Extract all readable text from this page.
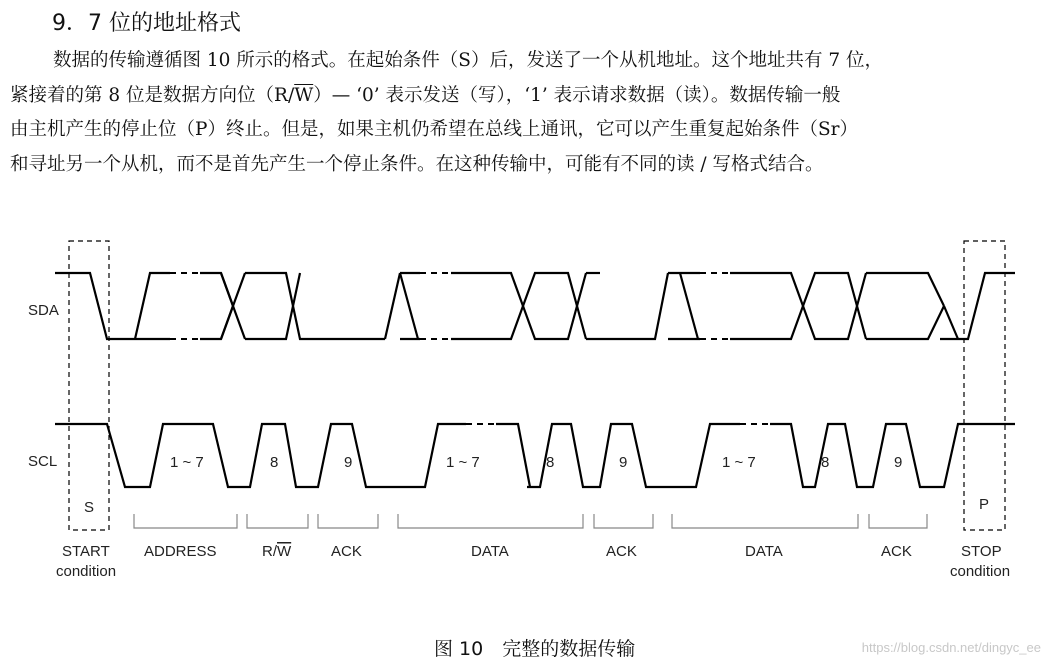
9．7 位的地址格式

数据的传输遵循图 10 所示的格式。在起始条件（S）后，发送了一个从机地址。这个地址共有 7 位，

紧接着的第 8 位是数据方向位$(R/\overline{W})—$ ‘0’ 表示发送（写），‘1’ 表示请求数据（读）。数据传输一般

由主机产生的停止位（P）终止。但是，如果主机仍希望在总线上通讯，它可以产生重复起始条件（Sr）

和寻址另一个从机，而不是首先产生一个停止条件。在这种传输中，可能有不同的读 / 写格式结合。

SDA
SCL
S	P
1 ~ 7	8	9	1 ~ 7	8	9	1 ~ 7	8	9
START
condition
ADDRESS	R/W	ACK	DATA	ACK	DATA	ACK	STOP
condition
图 10　完整的数据传输	https://blog.csdn.net/dingyc_ee
